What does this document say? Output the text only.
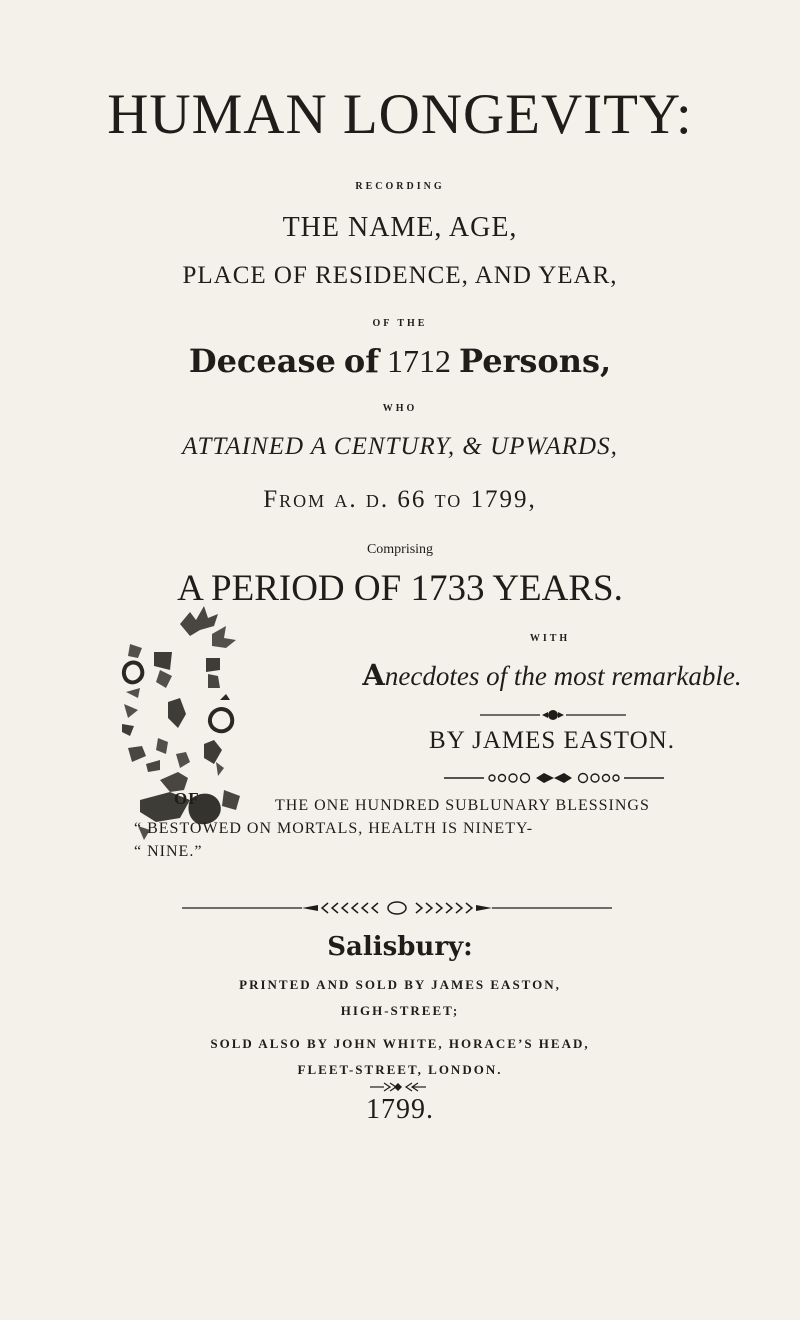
HUMAN LONGEVITY:
RECORDING
THE NAME, AGE,
PLACE OF RESIDENCE, AND YEAR,
OF THE
Decease of 1712 Persons,
WHO
ATTAINED A CENTURY, & UPWARDS,
From a. d. 66 to 1799,
Comprising
A PERIOD OF 1733 YEARS.
OF
WITH
Anecdotes of the most remarkable.
BY JAMES EASTON.
THE ONE HUNDRED SUBLUNARY BLESSINGS
“ BESTOWED ON MORTALS, HEALTH IS NINETY-
“ NINE.”
Salisbury:
PRINTED AND SOLD BY JAMES EASTON,
HIGH-STREET;
SOLD ALSO BY JOHN WHITE, HORACE’S HEAD,
FLEET-STREET, LONDON.
1799.
